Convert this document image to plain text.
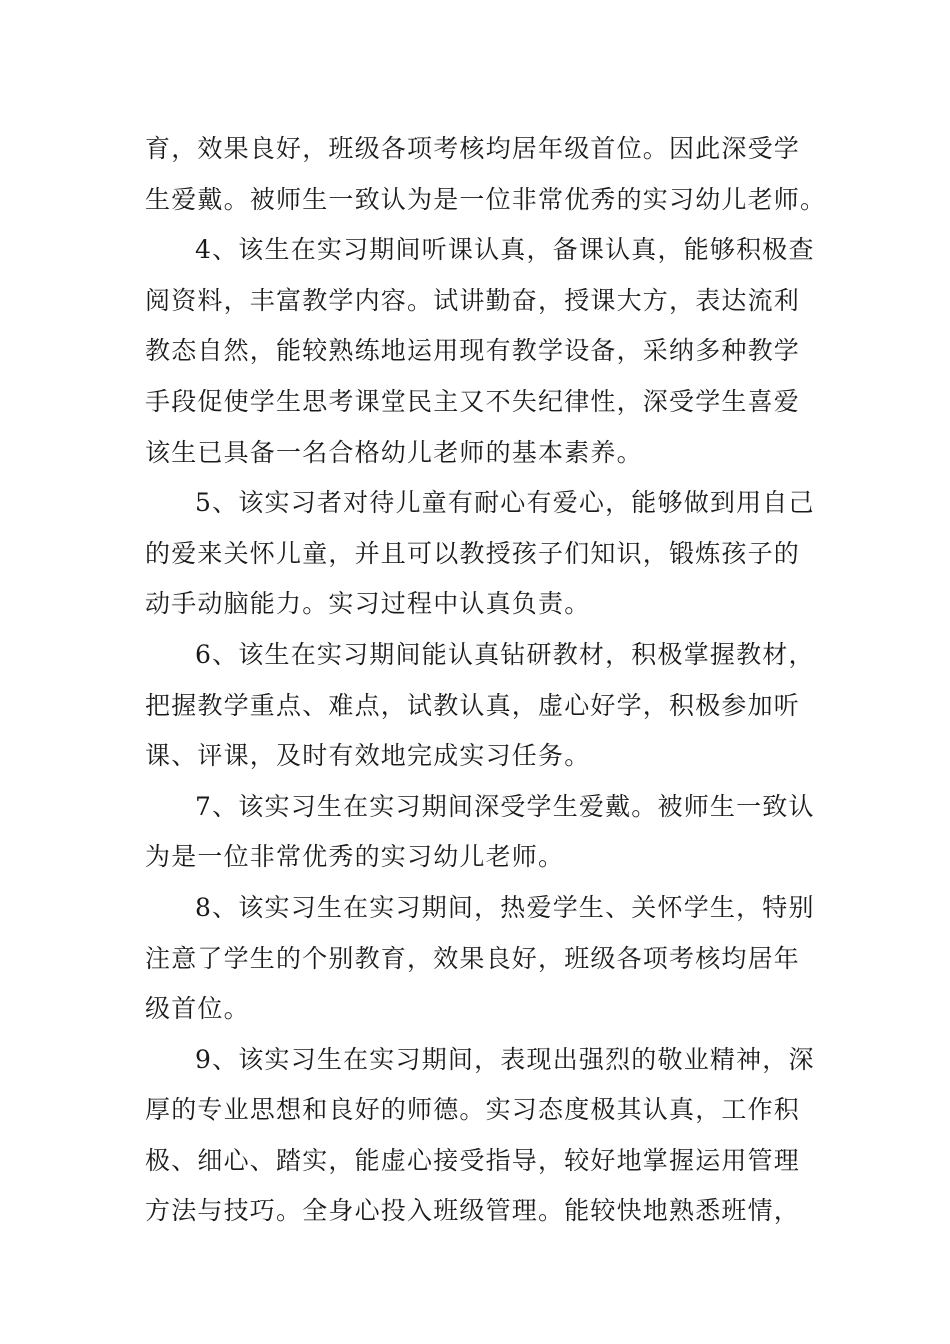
育，效果良好，班级各项考核均居年级首位。因此深受学
生爱戴。被师生一致认为是一位非常优秀的实习幼儿老师。

4、该生在实习期间听课认真，备课认真，能够积极查
阅资料，丰富教学内容。试讲勤奋，授课大方，表达流利
教态自然，能较熟练地运用现有教学设备，采纳多种教学
手段促使学生思考课堂民主又不失纪律性，深受学生喜爱
该生已具备一名合格幼儿老师的基本素养。

5、该实习者对待儿童有耐心有爱心，能够做到用自己
的爱来关怀儿童，并且可以教授孩子们知识，锻炼孩子的
动手动脑能力。实习过程中认真负责。

6、该生在实习期间能认真钻研教材，积极掌握教材，
把握教学重点、难点，试教认真，虚心好学，积极参加听
课、评课，及时有效地完成实习任务。

7、该实习生在实习期间深受学生爱戴。被师生一致认
为是一位非常优秀的实习幼儿老师。

8、该实习生在实习期间，热爱学生、关怀学生，特别
注意了学生的个别教育，效果良好，班级各项考核均居年
级首位。

9、该实习生在实习期间，表现出强烈的敬业精神，深
厚的专业思想和良好的师德。实习态度极其认真，工作积
极、细心、踏实，能虚心接受指导，较好地掌握运用管理
方法与技巧。全身心投入班级管理。能较快地熟悉班情，
